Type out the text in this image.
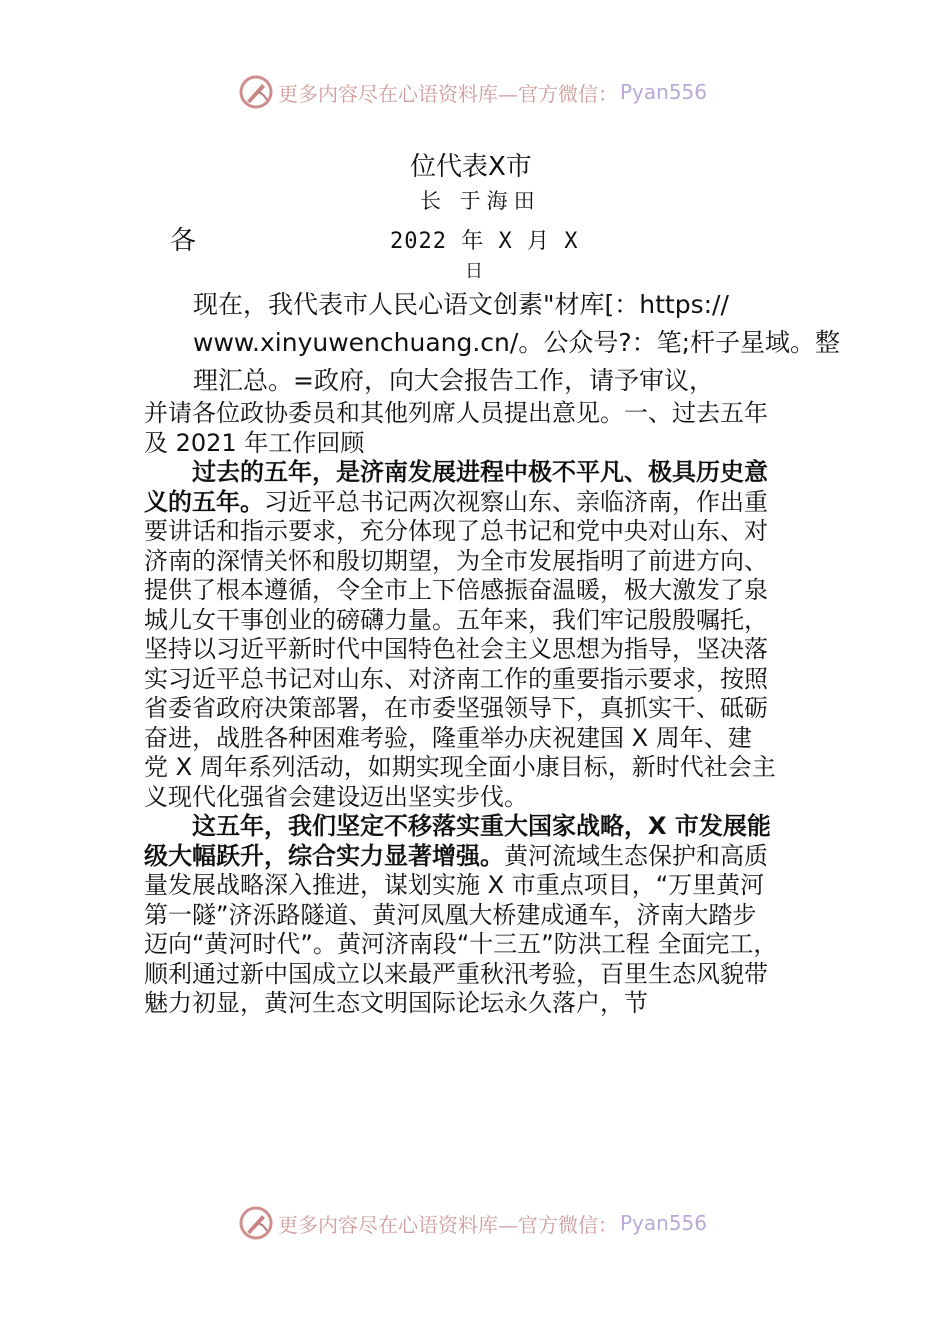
更多内容尽在心语资料库—官方微信： Pyan556
位代表X市
长 于海田
各	2022 年 X 月 X
日
现在，我代表市人民心语文创素"材库[：https://
www.xinyuwenchuang.cn/。公众号?：笔;杆子星域。整
理汇总。=政府，向大会报告工作，请予审议，
并请各位政协委员和其他列席人员提出意见。一、过去五年
及 2021 年工作回顾
　　过去的五年，是济南发展进程中极不平凡、极具历史意
义的五年。习近平总书记两次视察山东、亲临济南，作出重
要讲话和指示要求，充分体现了总书记和党中央对山东、对
济南的深情关怀和殷切期望，为全市发展指明了前进方向、
提供了根本遵循，令全市上下倍感振奋温暖，极大激发了泉
城儿女干事创业的磅礴力量。五年来，我们牢记殷殷嘱托，
坚持以习近平新时代中国特色社会主义思想为指导，坚决落
实习近平总书记对山东、对济南工作的重要指示要求，按照
省委省政府决策部署，在市委坚强领导下，真抓实干、砥砺
奋进，战胜各种困难考验，隆重举办庆祝建国 X 周年、建
党 X 周年系列活动，如期实现全面小康目标，新时代社会主
义现代化强省会建设迈出坚实步伐。
　　这五年，我们坚定不移落实重大国家战略，X 市发展能
级大幅跃升，综合实力显著增强。黄河流域生态保护和高质
量发展战略深入推进，谋划实施 X 市重点项目，“万里黄河
第一隧”济泺路隧道、黄河凤凰大桥建成通车，济南大踏步
迈向“黄河时代”。黄河济南段“十三五”防洪工程 全面完工，
顺利通过新中国成立以来最严重秋汛考验，百里生态风貌带
魅力初显，黄河生态文明国际论坛永久落户，节
更多内容尽在心语资料库—官方微信： Pyan556
